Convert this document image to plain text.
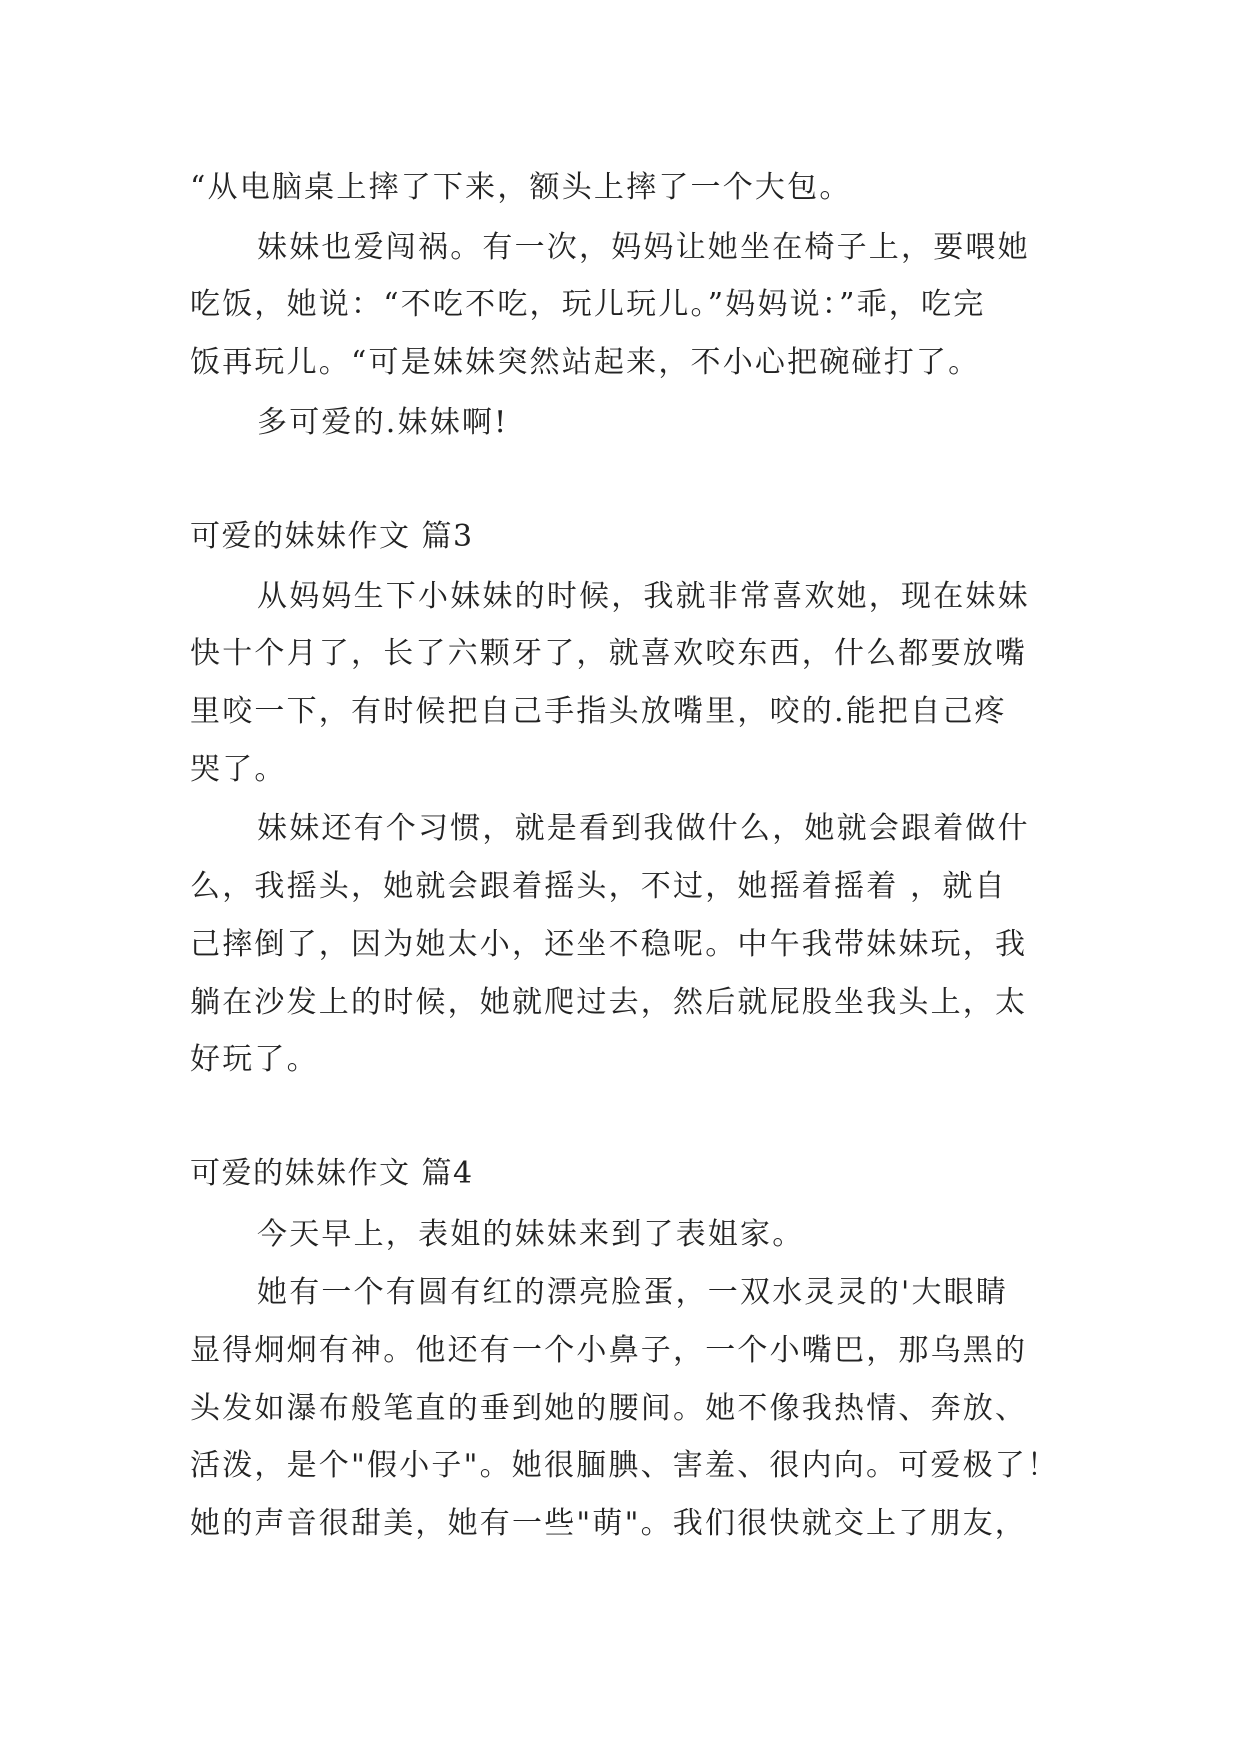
“从电脑桌上摔了下来，额头上摔了一个大包。
妹妹也爱闯祸。有一次，妈妈让她坐在椅子上，要喂她
吃饭，她说：“不吃不吃，玩儿玩儿。”妈妈说：”乖，吃完
饭再玩儿。“可是妹妹突然站起来，不小心把碗碰打了。
多可爱的.妹妹啊!
可爱的妹妹作文 篇3
从妈妈生下小妹妹的时候，我就非常喜欢她，现在妹妹
快十个月了，长了六颗牙了，就喜欢咬东西，什么都要放嘴
里咬一下，有时候把自己手指头放嘴里，咬的.能把自己疼
哭了。
妹妹还有个习惯，就是看到我做什么，她就会跟着做什
么，我摇头，她就会跟着摇头，不过，她摇着摇着 ，就自
己摔倒了，因为她太小，还坐不稳呢。中午我带妹妹玩，我
躺在沙发上的时候，她就爬过去，然后就屁股坐我头上，太
好玩了。
可爱的妹妹作文 篇4
今天早上，表姐的妹妹来到了表姐家。
她有一个有圆有红的漂亮脸蛋，一双水灵灵的'大眼睛
显得炯炯有神。他还有一个小鼻子，一个小嘴巴，那乌黑的
头发如瀑布般笔直的垂到她的腰间。她不像我热情、奔放、
活泼，是个"假小子"。她很腼腆、害羞、很内向。可爱极了！
她的声音很甜美，她有一些"萌"。我们很快就交上了朋友，
